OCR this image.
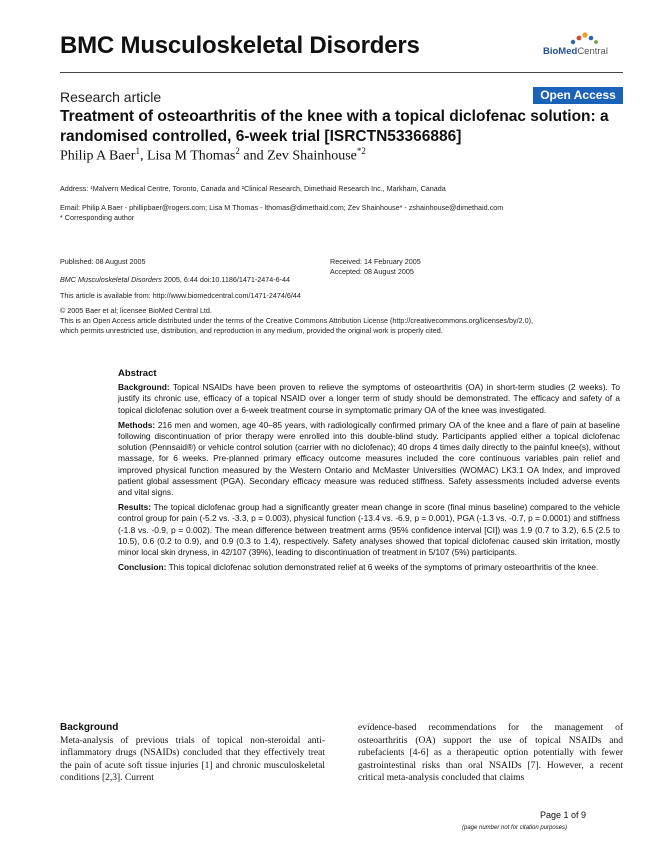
BMC Musculoskeletal Disorders	BioMedCentral
Research article	Open Access
Treatment of osteoarthritis of the knee with a topical diclofenac solution: a randomised controlled, 6-week trial [ISRCTN53366886]
Philip A Baer$^1$, Lisa M Thomas$^2$ and Zev Shainhouse$^{*2}$
Address: ¹Malvern Medical Centre, Toronto, Canada and ²Clinical Research, Dimethaid Research Inc., Markham, Canada
Email: Philip A Baer - phillipbaer@rogers.com; Lisa M Thomas - lthomas@dimethaid.com; Zev Shainhouse* - zshainhouse@dimethaid.com
* Corresponding author
Published: 08 August 2005
BMC Musculoskeletal Disorders 2005, 6:44 doi:10.1186/1471-2474-6-44
Received: 14 February 2005
Accepted: 08 August 2005
This article is available from: http://www.biomedcentral.com/1471-2474/6/44
© 2005 Baer et al; licensee BioMed Central Ltd.
This is an Open Access article distributed under the terms of the Creative Commons Attribution License (http://creativecommons.org/licenses/by/2.0),
which permits unrestricted use, distribution, and reproduction in any medium, provided the original work is properly cited.
Abstract

Background: Topical NSAIDs have been proven to relieve the symptoms of osteoarthritis (OA) in short-term studies (2 weeks). To justify its chronic use, efficacy of a topical NSAID over a longer term of study should be demonstrated. The efficacy and safety of a topical diclofenac solution over a 6-week treatment course in symptomatic primary OA of the knee was investigated.

Methods: 216 men and women, age 40–85 years, with radiologically confirmed primary OA of the knee and a flare of pain at baseline following discontinuation of prior therapy were enrolled into this double-blind study. Participants applied either a topical diclofenac solution (Pennsaid®) or vehicle control solution (carrier with no diclofenac); 40 drops 4 times daily directly to the painful knee(s), without massage, for 6 weeks. Pre-planned primary efficacy outcome measures included the core continuous variables pain relief and improved physical function measured by the Western Ontario and McMaster Universities (WOMAC) LK3.1 OA Index, and improved patient global assessment (PGA). Secondary efficacy measure was reduced stiffness. Safety assessments included adverse events and vital signs.

Results: The topical diclofenac group had a significantly greater mean change in score (final minus baseline) compared to the vehicle control group for pain (-5.2 vs. -3.3, p = 0.003), physical function (-13.4 vs. -6.9, p = 0.001), PGA (-1.3 vs. -0.7, p = 0.0001) and stiffness (-1.8 vs. -0.9, p = 0.002). The mean difference between treatment arms (95% confidence interval [CI]) was 1.9 (0.7 to 3.2), 6.5 (2.5 to 10.5), 0.6 (0.2 to 0.9), and 0.9 (0.3 to 1.4), respectively. Safety analyses showed that topical diclofenac caused skin irritation, mostly minor local skin dryness, in 42/107 (39%), leading to discontinuation of treatment in 5/107 (5%) participants.

Conclusion: This topical diclofenac solution demonstrated relief at 6 weeks of the symptoms of primary osteoarthritis of the knee.

Background

Meta-analysis of previous trials of topical non-steroidal anti-inflammatory drugs (NSAIDs) concluded that they effectively treat the pain of acute soft tissue injuries [1] and chronic musculoskeletal conditions [2,3]. Current

evidence-based recommendations for the management of osteoarthritis (OA) support the use of topical NSAIDs and rubefacients [4-6] as a therapeutic option potentially with fewer gastrointestinal risks than oral NSAIDs [7]. However, a recent critical meta-analysis concluded that claims

Page 1 of 9
(page number not for citation purposes)
